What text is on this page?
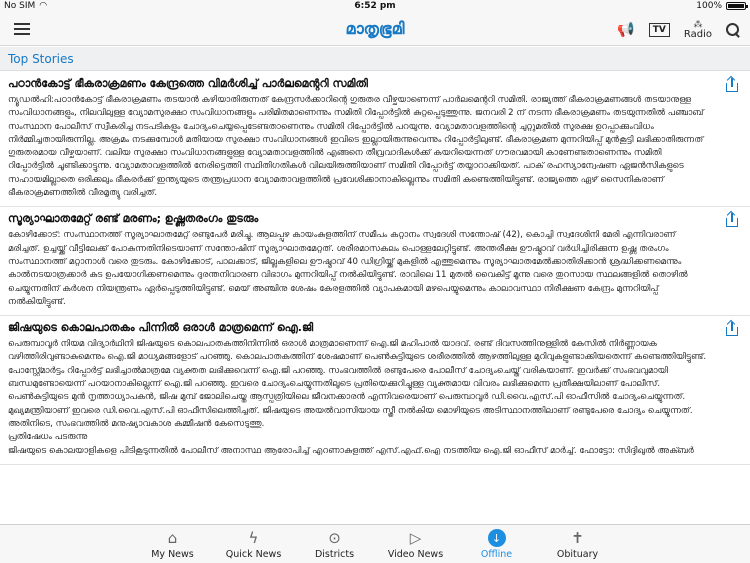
No SIM ◠	6:52 pm	100%
മാതൃഭൂമി	📢	TV	⁂
Radio
Top Stories
പഠാന്‍കോട്ട് ഭീകരാക്രമണം കേന്ദ്രത്തെ വിമര്‍ശിച്ച് പാര്‍ലമെന്ററി സമിതി

ന്യൂഡല്‍ഹി:പഠാന്‍കോട്ട് ഭീകരാക്രമണം തടയാന്‍ കഴിയാതിരുന്നത് കേന്ദ്രസര്‍ക്കാറിന്റെ ഗുരുതര വീഴ്ചയാണെന്ന് പാര്‍ലമെന്ററി സമിതി. രാജ്യത്ത് ഭീകരാക്രമണങ്ങള്‍ തടയാനുള്ള സംവിധാനങ്ങളും, നിലവിലുള്ള വ്യോമസുരക്ഷാ സംവിധാനങ്ങളും പരിമിതമാണെന്നും സമിതി റിപ്പോര്‍ട്ടില്‍ കുറ്റപ്പെടുത്തുന്നു. ജനവരി 2 ന് നടന്ന ഭീകരാക്രമണം തടയുന്നതില്‍ പഞ്ചാബ് സംസ്ഥാന പോലീസ് സ്വീകരിച്ച നടപടികളും ചോദ്യംചെയ്യപ്പെടേണ്ടതാണെന്നും സമിതി റിപ്പോര്‍ട്ടില്‍ പറയുന്നു. വ്യോമതാവളത്തിന്റെ ചുറ്റുമതില്‍ സുരക്ഷ ഉറപ്പാക്കുംവിധം നിര്‍മ്മിച്ചതായിരുന്നില്ല. അക്രമം നടക്കുമ്പോള്‍ മതിയായ സുരക്ഷാ സംവിധാനങ്ങള്‍ ഇവിടെ ഇല്ലായിരുന്നുവെന്നും റിപ്പോര്‍ട്ടിലുണ്ട്. ഭീകരാക്രമണ മുന്നറിയിപ്പ് മുന്‍കൂട്ടി ലഭിക്കാതിരുന്നത് ഗുരുതരമായ വീഴ്ചയാണ്. വലിയ സുരക്ഷാ സംവിധാനങ്ങളുള്ള വ്യോമതാവളത്തില്‍ എങ്ങനെ തീവ്രവാദികള്‍ക്ക് കയറിയെന്നത് ഗൗരവമായി കാണേണ്ടതാണെന്നും സമിതി റിപ്പോര്‍ട്ടില്‍ ചൂണ്ടിക്കാട്ടുന്നു. വ്യോമതാവളത്തില്‍ നേരിട്ടെത്തി സ്ഥിതിഗതികള്‍ വിലയിരുത്തിയാണ് സമിതി റിപ്പോര്‍ട്ട് തയ്യാറാക്കിയത്. പാക് രഹസ്യാന്വേഷണ ഏജന്‍സികളുടെ സഹായമില്ലാതെ ഒരിക്കലും ഭീകരര്‍ക്ക് ഇന്ത്യയുടെ തന്ത്രപ്രധാന വ്യോമതാവളത്തില്‍ പ്രവേശിക്കാനാകില്ലെന്നും സമിതി കണ്ടെത്തിയിട്ടുണ്ട്. രാജ്യത്തെ ഏഴ് സൈനികരാണ് ഭീകരാക്രമണത്തില്‍ വീരമൃത്യു വരിച്ചത്.

സൂര്യാഘാതമേറ്റ് രണ്ട് മരണം; ഉഷ്ണതരംഗം തുടരും

കോഴിക്കോട്: സംസ്ഥാനത്ത് സൂര്യാഘാതമേറ്റ് രണ്ടുപേര്‍ മരിച്ചു. ആലപ്പുഴ കായംകുളത്തിന് സമീപം കറ്റാനം സ്വദേശി സന്തോഷ് (42), കൊച്ചി സ്വദേശിനി മേരി എന്നിവരാണ് മരിച്ചത്. ഉച്ചയ്ക്ക് വീട്ടിലേക്ക് പോകുന്നതിനിടെയാണ് സന്തോഷിന് സൂര്യാഘാതമേറ്റത്. ശരീരമാസകലം പൊള്ളലേറ്റിട്ടുണ്ട്. അന്തരീക്ഷ ഊഷ്മാവ് വര്‍ധിച്ചിരിക്കുന്ന ഉഷ്ണ തരംഗം സംസ്ഥാനത്ത് മറ്റാനാള്‍ വരെ തുടരും. കോഴിക്കോട്, പാലക്കാട്, ജില്ലകളിലെ ഊഷ്മാവ് 40 ഡിഗ്രിയ്ക്ക് മുകളില്‍ എത്തുമെന്നും സൂര്യാഘാതമേല്‍ക്കാതിരിക്കാന്‍ ശ്രദ്ധിക്കണമെന്നും കാല്‍നടയാത്രക്കാര്‍ കുട ഉപയോഗിക്കണമെന്നും ദുരന്തനിവാരണ വിഭാഗം മുന്നറിയിപ്പ് നല്‍കിയിട്ടുണ്ട്. രാവിലെ 11 മുതല്‍ വൈകിട്ട് മൂന്നു വരെ തുറസായ സ്ഥലങ്ങളില്‍ തൊഴില്‍ ചെയ്യുന്നതിന് കര്‍ശന നിയന്ത്രണം ഏര്‍പ്പെടുത്തിയിട്ടുണ്ട്. മെയ് അഞ്ചിനു ശേഷം കേരളത്തില്‍ വ്യാപകമായി മഴപെയ്യുമെന്നും കാലാവസ്ഥാ നിരീക്ഷണ കേന്ദ്രം മുന്നറിയിപ്പ് നല്‍കിയിട്ടുണ്ട്.

ജിഷയുടെ കൊലപാതകം പിന്നില്‍ ഒരാള്‍ മാത്രമെന്ന് ഐ.ജി

പെരുമ്പാവൂര്‍ നിയമ വിദ്യാര്‍ഥിനി ജിഷയുടെ കൊലപാതകത്തിനിന്നില്‍ ഒരാള്‍ മാത്രമാണെന്ന് ഐ.ജി മഹിപാല്‍ യാദവ്. രണ്ട് ദിവസത്തിനുള്ളില്‍ കേസില്‍ നിര്‍ണ്ണായക വഴിത്തിരിവുണ്ടാകുമെന്നും ഐ.ജി മാധ്യമങ്ങളോട് പറഞ്ഞു. കൊലപാതകത്തിന് ശേഷമാണ് പെണ്‍കുട്ടിയുടെ ശരീരത്തില്‍ ആഴത്തിലുള്ള മുറിവുകളുണ്ടാക്കിയതെന്ന് കണ്ടെത്തിയിട്ടുണ്ട്. പോസ്റ്റ്മോര്‍ട്ടം റിപ്പോര്‍ട്ട് ലഭിച്ചാല്‍മാത്രമേ വ്യക്തത ലഭിക്കുവെന്ന് ഐ.ജി പറഞ്ഞു. സംഭവത്തില്‍ രണ്ടുപേരെ പോലീസ് ചോദ്യംചെയ്ത് വരികയാണ്. ഇവര്‍ക്ക് സംഭവവുമായി ബന്ധമുണ്ടോയെന്ന് പറയാനാകില്ലെന്ന് ഐ.ജി പറഞ്ഞു. ഇവരെ ചോദ്യംചെയ്യുന്നതിലൂടെ പ്രതിയെക്കുറിച്ചുള്ള വ്യക്തമായ വിവരം ലഭിക്കുമെന്ന പ്രതീക്ഷയിലാണ് പോലീസ്. പെണ്‍കുട്ടിയുടെ മുന്‍ നൃത്താധ്യാപകന്‍, ജിഷ മുമ്പ് ജോലിചെയ്ത ആസ്പത്രിയിലെ ജീവനക്കാരന്‍ എന്നിവരെയാണ് പെരുമ്പാവൂര്‍ ഡി.വൈ.എസ്.പി ഓഫീസില്‍ ചോദ്യംചെയ്യുന്നത്. മുഖ്യമന്ത്രിയാണ് ഇവരെ ഡി.വൈ.എസ്.പി ഓഫീസിലെത്തിച്ചത്. ജിഷയുടെ അയല്‍വാസിയായ സ്ത്രീ നല്‍കിയ മൊഴിയുടെ അടിസ്ഥാനത്തിലാണ് രണ്ടുപേരെ ചോദ്യം ചെയ്യുന്നത്. അതിനിടെ, സംഭവത്തില്‍ മനുഷ്യാവകാശ കമ്മീഷന്‍ കേസെടുത്തു.

പ്രതിഷേധം പടരുന്നു

ജിഷയുടെ കൊലയാളികളെ പിടികൂടുന്നതില്‍ പോലീസ് അനാസ്ഥ ആരോപിച്ച് എറണാകുളത്ത് എസ്.എഫ്.ഐ നടത്തിയ ഐ.ജി ഓഫീസ് മാര്‍ച്ച്. ഫോട്ടോ: സിദ്ദിഖുല്‍ അക്ബര്‍

⌂
My News
ϟ
Quick News
⊙
Districts
▷
Video News
↓
Offline
✝
Obituary
